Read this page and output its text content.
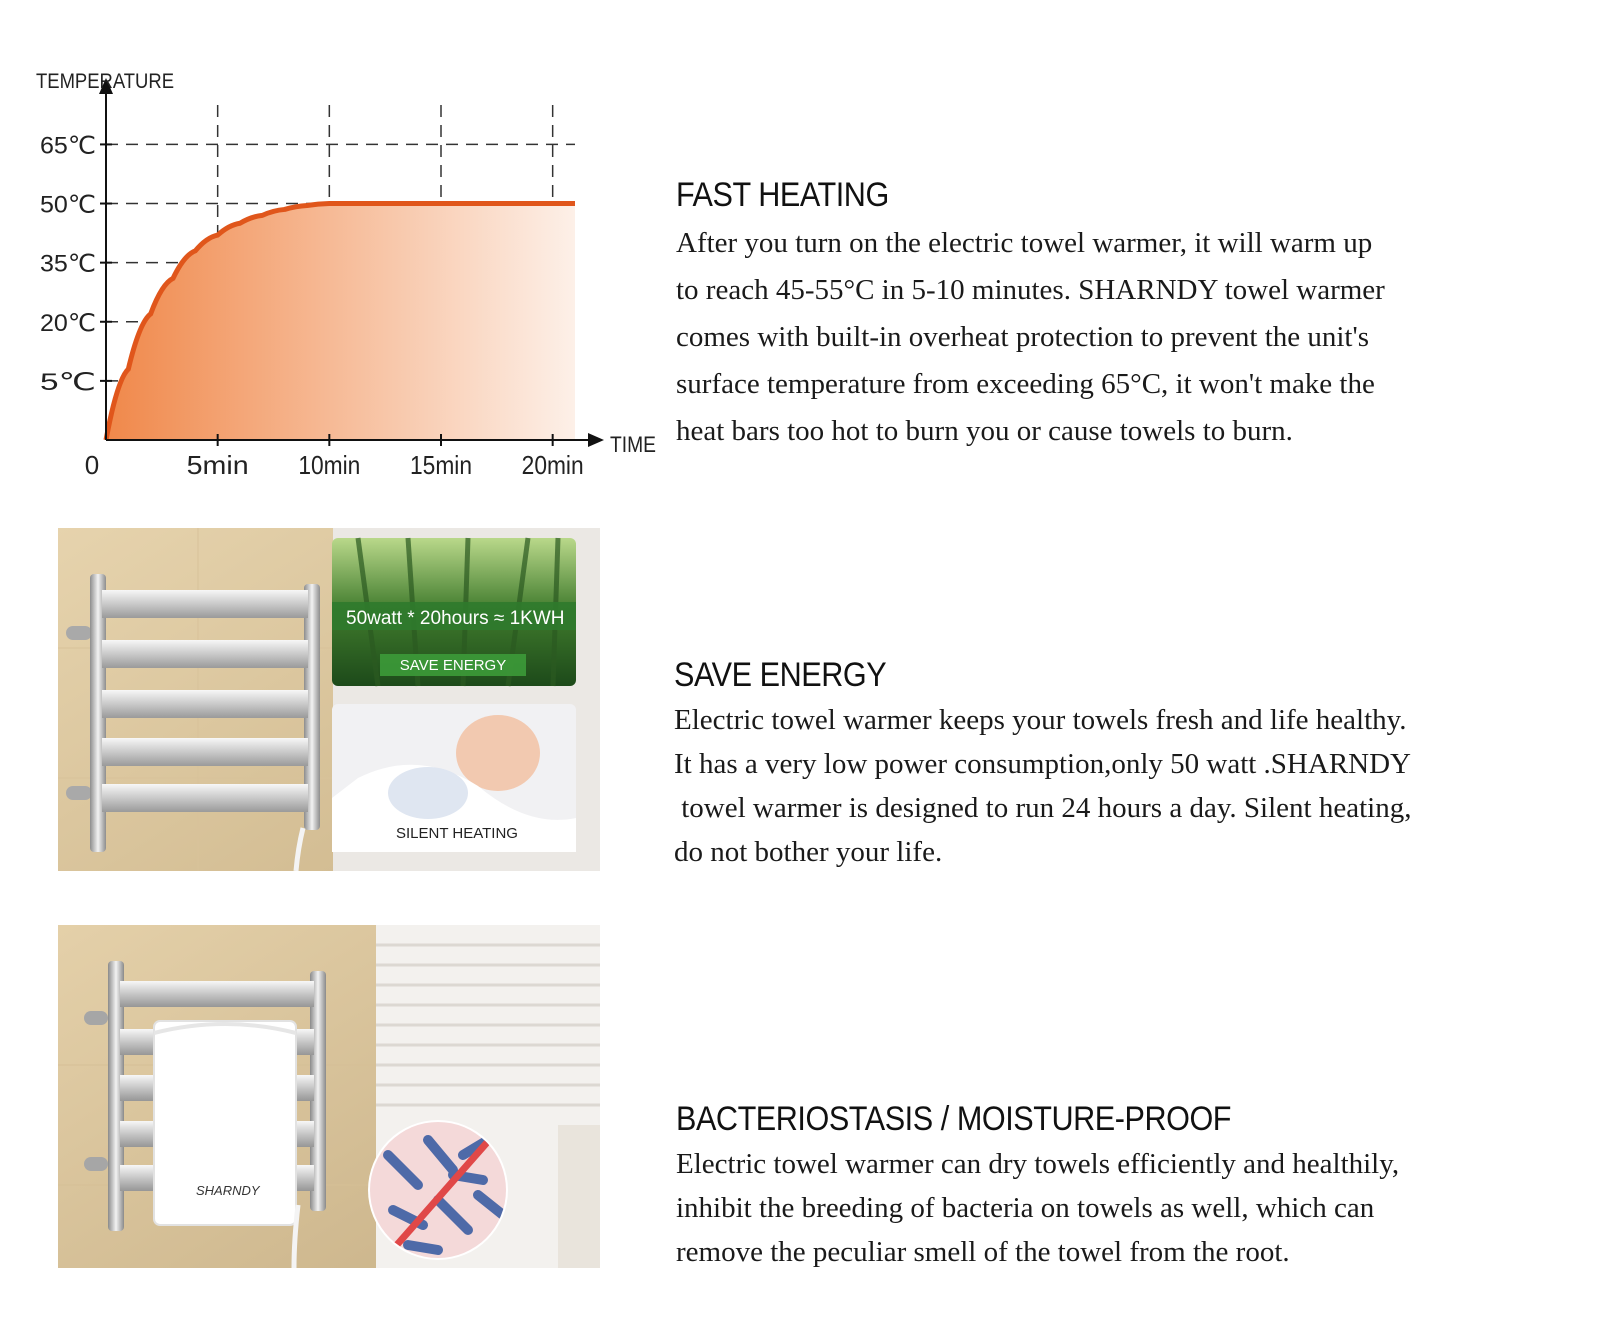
5℃
20℃
35℃
50℃
65℃
0	5min 10min 15min 20min
TEMPERATURE
TIME
FAST HEATING
After you turn on the electric towel warmer, it will warm up
to reach 45-55°C in 5-10 minutes. SHARNDY towel warmer
comes with built-in overheat protection to prevent the unit's
surface temperature from exceeding 65°C, it won't make the
heat bars too hot to burn you or cause towels to burn.
50watt * 20hours ≈ 1KWH
SAVE ENERGY
SILENT HEATING
SAVE ENERGY
Electric towel warmer keeps your towels fresh and life healthy.
It has a very low power consumption,only 50 watt .SHARNDY
towel warmer is designed to run 24 hours a day. Silent heating,
do not bother your life.
SHARNDY
BACTERIOSTASIS / MOISTURE-PROOF
Electric towel warmer can dry towels efficiently and healthily,
inhibit the breeding of bacteria on towels as well, which can
remove the peculiar smell of the towel from the root.
